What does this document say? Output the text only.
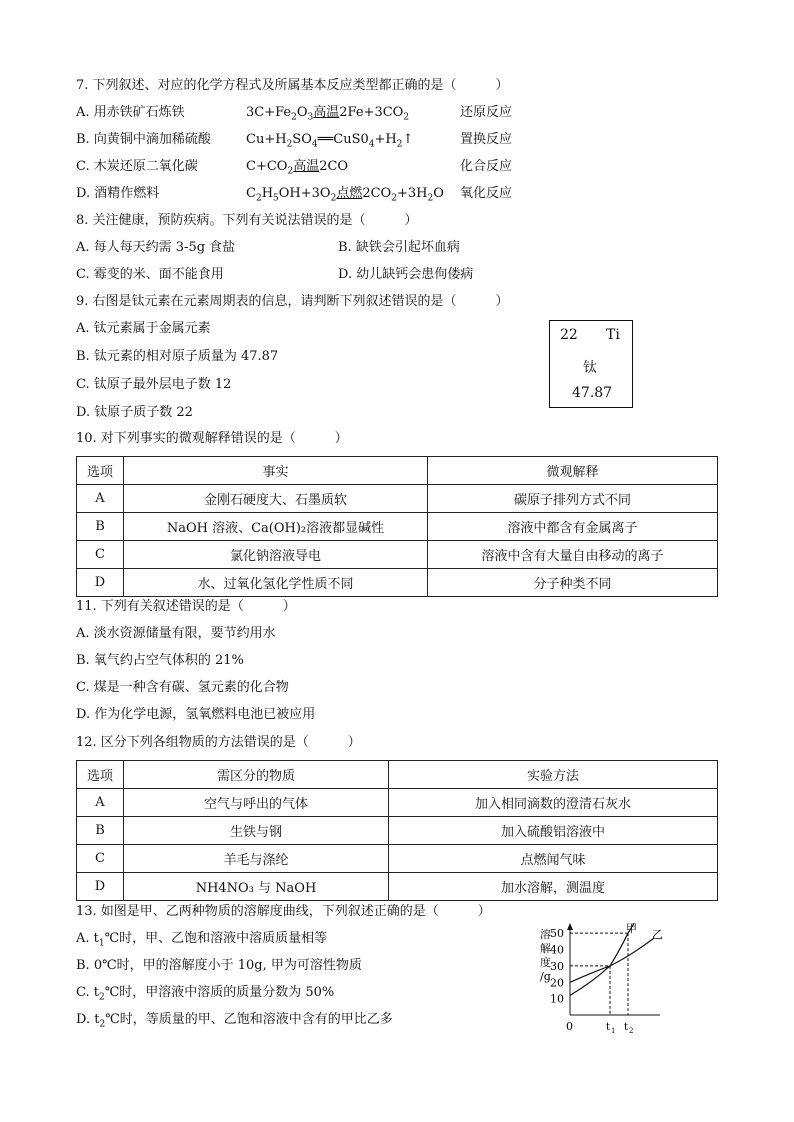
7. 下列叙述、对应的化学方程式及所属基本反应类型都正确的是（　　　）
A. 用赤铁矿石炼铁	$3C+Fe_2O_3$高温$2Fe+3CO_2$	还原反应
B. 向黄铜中滴加稀硫酸	$Cu+H_2SO_4══CuS0_4+H_2↑$	置换反应
C. 木炭还原二氧化碳	$C+CO_2$高温2CO	化合反应
D. 酒精作燃料	$C_2H_5OH+3O_2$点燃$2CO_2+3H_2O$ 氧化反应
8. 关注健康，预防疾病。下列有关说法错误的是（　　　）
A. 每人每天约需 3-5g 食盐	B. 缺铁会引起坏血病
C. 霉变的米、面不能食用	D. 幼儿缺钙会患佝偻病
9. 右图是钛元素在元素周期表的信息，请判断下列叙述错误的是（　　　）
A. 钛元素属于金属元素
B. 钛元素的相对原子质量为 47.87
C. 钛原子最外层电子数 12
D. 钛原子质子数 22
22 Ti
钛
47.87
10. 对下列事实的微观解释错误的是（　　　）
选项	事实	微观解释
A	金刚石硬度大、石墨质软	碳原子排列方式不同
B	NaOH 溶液、Ca(OH)₂溶液都显碱性	溶液中都含有金属离子
C	氯化钠溶液导电	溶液中含有大量自由移动的离子
D	水、过氧化氢化学性质不同	分子种类不同
11. 下列有关叙述错误的是（　　　）
A. 淡水资源储量有限，要节约用水
B. 氧气约占空气体积的 21%
C. 煤是一种含有碳、氢元素的化合物
D. 作为化学电源，氢氧燃料电池已被应用
12. 区分下列各组物质的方法错误的是（　　　）
选项	需区分的物质	实验方法
A	空气与呼出的气体	加入相同滴数的澄清石灰水
B	生铁与钢	加入硫酸铝溶液中
C	羊毛与涤纶	点燃闻气味
D	NH4NO₃ 与 NaOH	加水溶解，测温度
13. 如图是甲、乙两种物质的溶解度曲线，下列叙述正确的是（　　　）
A. $t_1℃$时，甲、乙饱和溶液中溶质质量相等
B. 0℃时，甲的溶解度小于 10g, 甲为可溶性物质
C. $t_2℃$时，甲溶液中溶质的质量分数为 50%
D. $t_2℃$时，等质量的甲、乙饱和溶液中含有的甲比乙多
溶
解
度
/g
10
20
30
40
50
0	t 1 t 2
甲 乙
